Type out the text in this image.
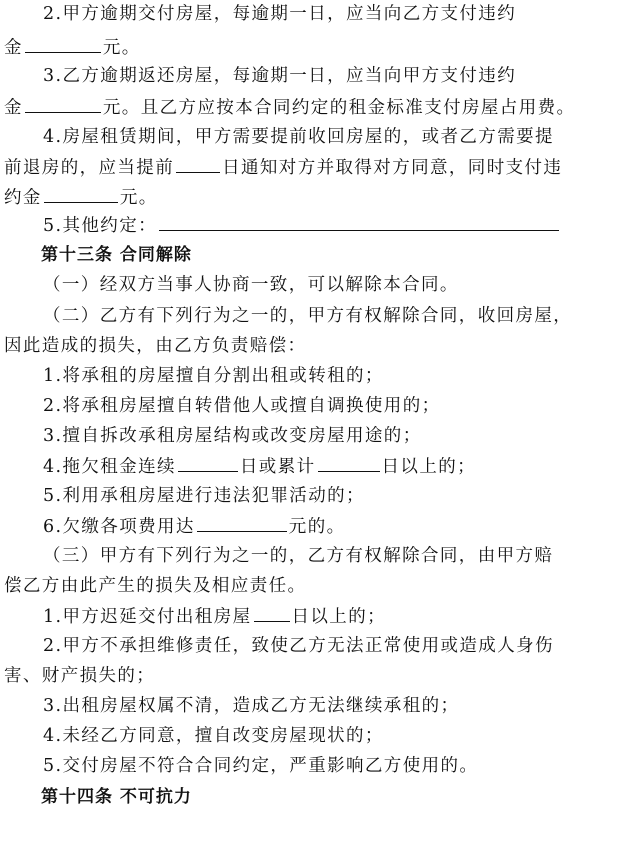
2.甲方逾期交付房屋，每逾期一日，应当向乙方支付违约
金	元。
3.乙方逾期返还房屋，每逾期一日，应当向甲方支付违约
金	元。且乙方应按本合同约定的租金标准支付房屋占用费。
4.房屋租赁期间，甲方需要提前收回房屋的，或者乙方需要提
前退房的，应当提前	日通知对方并取得对方同意，同时支付违
约金	元。
5.其他约定：
第十三条 合同解除
（一）经双方当事人协商一致，可以解除本合同。
（二）乙方有下列行为之一的，甲方有权解除合同，收回房屋，
因此造成的损失，由乙方负责赔偿：
1.将承租的房屋擅自分割出租或转租的；
2.将承租房屋擅自转借他人或擅自调换使用的；
3.擅自拆改承租房屋结构或改变房屋用途的；
4.拖欠租金连续	日或累计	日以上的；
5.利用承租房屋进行违法犯罪活动的；
6.欠缴各项费用达	元的。
（三）甲方有下列行为之一的，乙方有权解除合同，由甲方赔
偿乙方由此产生的损失及相应责任。
1.甲方迟延交付出租房屋 日以上的；
2.甲方不承担维修责任，致使乙方无法正常使用或造成人身伤
害、财产损失的；
3.出租房屋权属不清，造成乙方无法继续承租的；
4.未经乙方同意，擅自改变房屋现状的；
5.交付房屋不符合合同约定，严重影响乙方使用的。
第十四条 不可抗力
